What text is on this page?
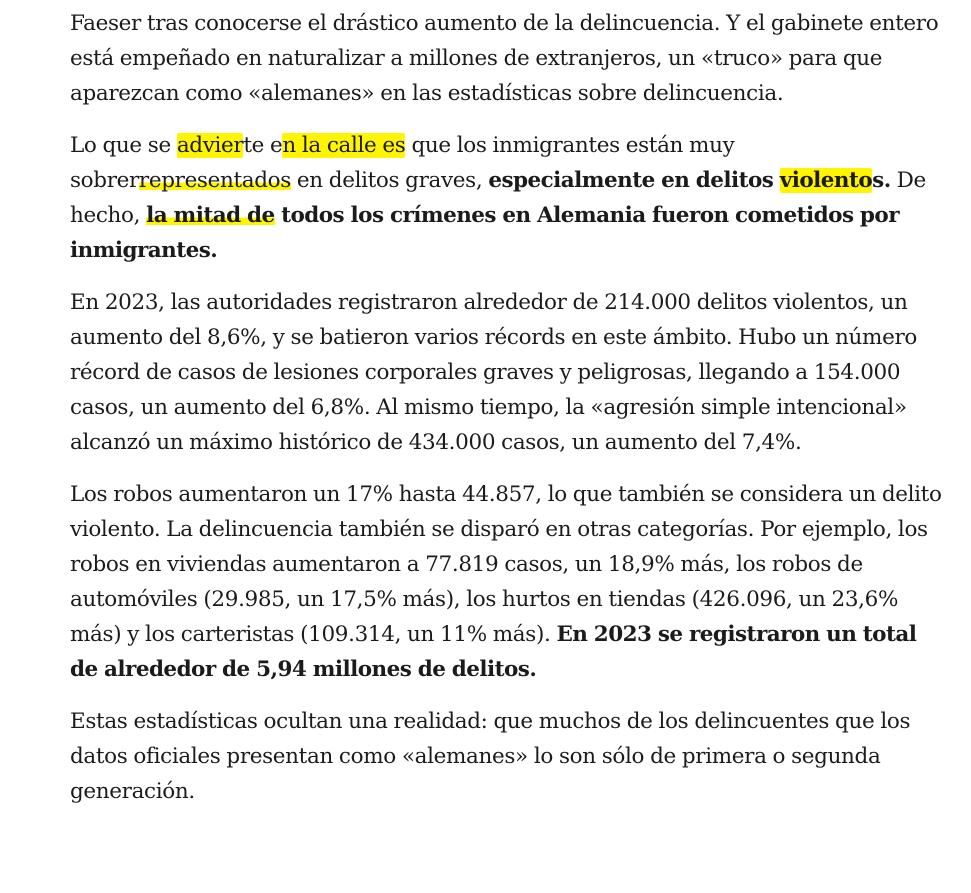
Faeser tras conocerse el drástico aumento de la delincuencia. Y el gabinete entero está empeñado en naturalizar a millones de extranjeros, un «truco» para que aparezcan como «alemanes» en las estadísticas sobre delincuencia.

Lo que se advierte en la calle es que los inmigrantes están muy sobrerrepresentados en delitos graves, especialmente en delitos violentos. De hecho, la mitad de todos los crímenes en Alemania fueron cometidos por inmigrantes.

En 2023, las autoridades registraron alrededor de 214.000 delitos violentos, un aumento del 8,6%, y se batieron varios récords en este ámbito. Hubo un número récord de casos de lesiones corporales graves y peligrosas, llegando a 154.000 casos, un aumento del 6,8%. Al mismo tiempo, la «agresión simple intencional» alcanzó un máximo histórico de 434.000 casos, un aumento del 7,4%.

Los robos aumentaron un 17% hasta 44.857, lo que también se considera un delito violento. La delincuencia también se disparó en otras categorías. Por ejemplo, los robos en viviendas aumentaron a 77.819 casos, un 18,9% más, los robos de automóviles (29.985, un 17,5% más), los hurtos en tiendas (426.096, un 23,6% más) y los carteristas (109.314, un 11% más). En 2023 se registraron un total de alrededor de 5,94 millones de delitos.

Estas estadísticas ocultan una realidad: que muchos de los delincuentes que los datos oficiales presentan como «alemanes» lo son sólo de primera o segunda generación.
